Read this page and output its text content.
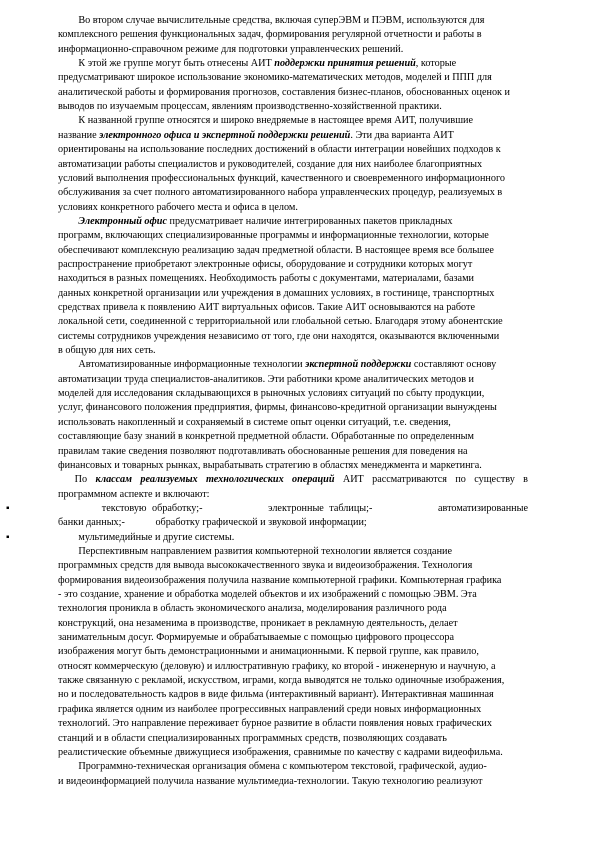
Во втором случае вычислительные средства, включая суперЭВМ и ПЭВМ, используются для
комплексного решения функциональных задач, формирования регулярной отчетности и работы в
информационно-справочном режиме для подготовки управленческих решений.
К этой же группе могут быть отнесены АИТ поддержки принятия решений, которые
предусматривают широкое использование экономико-математических методов, моделей и ППП для
аналитической работы и формирования прогнозов, составления бизнес-планов, обоснованных оценок и
выводов по изучаемым процессам, явлениям производственно-хозяйственной практики.
К названной группе относятся и широко внедряемые в настоящее время АИТ, получившие
название электронного офиса и экспертной поддержки решений. Эти два варианта АИТ
ориентированы на использование последних достижений в области интеграции новейших подходов к
автоматизации работы специалистов и руководителей, создание для них наиболее благоприятных
условий выполнения профессиональных функций, качественного и своевременного информационного
обслуживания за счет полного автоматизированного набора управленческих процедур, реализуемых в
условиях конкретного рабочего места и офиса в целом.
Электронный офис предусматривает наличие интегрированных пакетов прикладных
программ, включающих специализированные программы и информационные технологии, которые
обеспечивают комплексную реализацию задач предметной области. В настоящее время все большее
распространение приобретают электронные офисы, оборудование и сотрудники которых могут
находиться в разных помещениях. Необходимость работы с документами, материалами, базами
данных конкретной организации или учреждения в домашних условиях, в гостинице, транспортных
средствах привела к появлению АИТ виртуальных офисов. Такие АИТ основываются на работе
локальной сети, соединенной с территориальной или глобальной сетью. Благодаря этому абонентские
системы сотрудников учреждения независимо от того, где они находятся, оказываются включенными
в общую для них сеть.
Автоматизированные информационные технологии экспертной поддержки составляют основу
автоматизации труда специалистов-аналитиков. Эти работники кроме аналитических методов и
моделей для исследования складывающихся в рыночных условиях ситуаций по сбыту продукции,
услуг, финансового положения предприятия, фирмы, финансово-кредитной организации вынуждены
использовать накопленный и сохраняемый в системе опыт оценки ситуаций, т.е. сведения,
составляющие базу знаний в конкретной предметной области. Обработанные по определенным
правилам такие сведения позволяют подготавливать обоснованные решения для поведения на
финансовых и товарных рынках, вырабатывать стратегию в областях менеджмента и маркетинга.
По классам реализуемых технологических операций АИТ рассматриваются по существу в
программном аспекте и включают:
▪	текстовую обработку;-            электронные таблицы;-            автоматизированные
банки данных;-            обработку графической и звуковой информации;
▪	мультимедийные и другие системы.
Перспективным направлением развития компьютерной технологии является создание
программных средств для вывода высококачественного звука и видеоизображения. Технология
формирования видеоизображения получила название компьютерной графики. Компьютерная графика
- это создание, хранение и обработка моделей объектов и их изображений с помощью ЭВМ. Эта
технология проникла в область экономического анализа, моделирования различного рода
конструкций, она незаменима в производстве, проникает в рекламную деятельность, делает
занимательным досуг. Формируемые и обрабатываемые с помощью цифрового процессора
изображения могут быть демонстрационными и анимационными. К первой группе, как правило,
относят коммерческую (деловую) и иллюстративную графику, ко второй - инженерную и научную, а
также связанную с рекламой, искусством, играми, когда выводятся не только одиночные изображения,
но и последовательность кадров в виде фильма (интерактивный вариант). Интерактивная машинная
графика является одним из наиболее прогрессивных направлений среди новых информационных
технологий. Это направление переживает бурное развитие в области появления новых графических
станций и в области специализированных программных средств, позволяющих создавать
реалистические объемные движущиеся изображения, сравнимые по качеству с кадрами видеофильма.
Программно-техническая организация обмена с компьютером текстовой, графической, аудио-
и видеоинформацией получила название мультимедиа-технологии. Такую технологию реализуют
